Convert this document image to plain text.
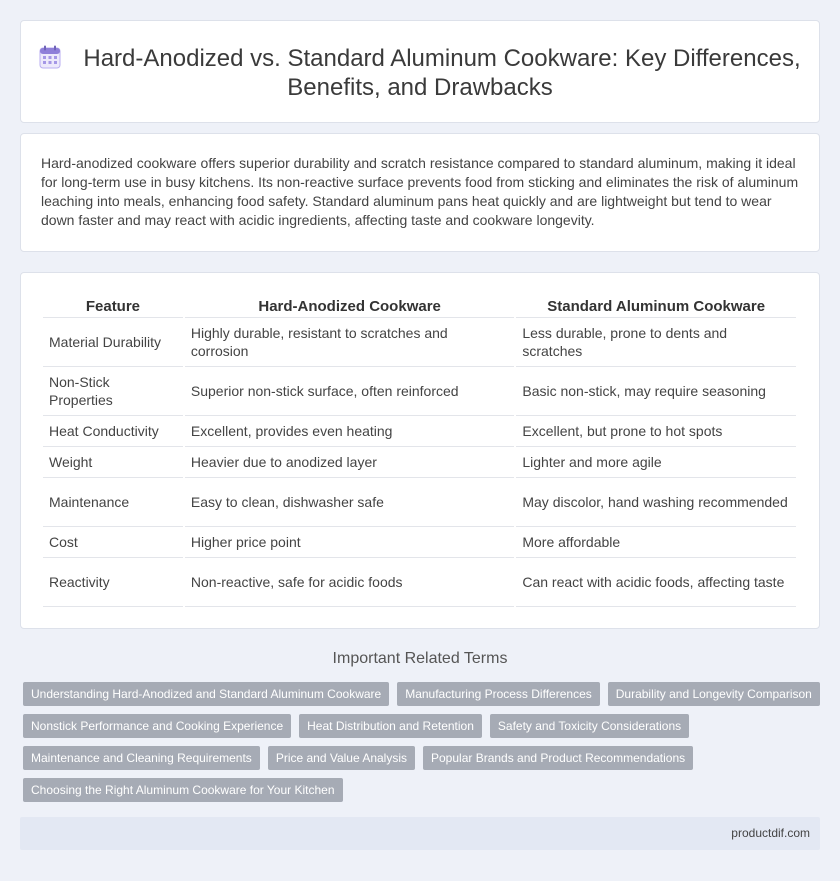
Hard-Anodized vs. Standard Aluminum Cookware: Key Differences, Benefits, and Drawbacks

Hard-anodized cookware offers superior durability and scratch resistance compared to standard aluminum, making it ideal for long-term use in busy kitchens. Its non-reactive surface prevents food from sticking and eliminates the risk of aluminum leaching into meals, enhancing food safety. Standard aluminum pans heat quickly and are lightweight but tend to wear down faster and may react with acidic ingredients, affecting taste and cookware longevity.

Feature	Hard-Anodized Cookware	Standard Aluminum Cookware
Material Durability	Highly durable, resistant to scratches and corrosion	Less durable, prone to dents and scratches
Non-Stick Properties	Superior non-stick surface, often reinforced	Basic non-stick, may require seasoning
Heat Conductivity	Excellent, provides even heating	Excellent, but prone to hot spots
Weight	Heavier due to anodized layer	Lighter and more agile
Maintenance	Easy to clean, dishwasher safe	May discolor, hand washing recommended
Cost	Higher price point	More affordable
Reactivity	Non-reactive, safe for acidic foods	Can react with acidic foods, affecting taste
Important Related Terms
Understanding Hard-Anodized and Standard Aluminum Cookware	Manufacturing Process Differences	Durability and Longevity Comparison
Nonstick Performance and Cooking Experience	Heat Distribution and Retention	Safety and Toxicity Considerations
Maintenance and Cleaning Requirements	Price and Value Analysis	Popular Brands and Product Recommendations
Choosing the Right Aluminum Cookware for Your Kitchen
productdif.com
